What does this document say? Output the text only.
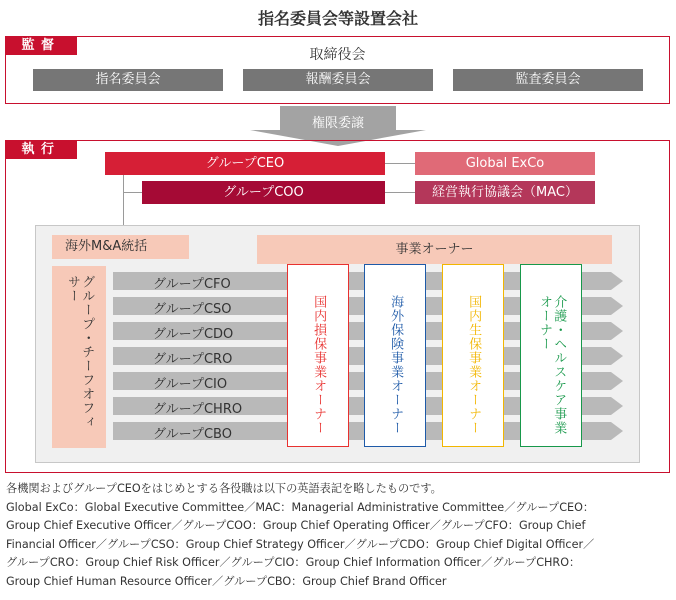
指名委員会等設置会社
監督
取締役会
指名委員会	報酬委員会	監査委員会
権限委譲
執行
グループCEO
グループCOO
Global ExCo
経営執行協議会（MAC）
海外M&A統括	事業オーナー
グループ・チーフオフィサー	グループCFO
グループCSO
グループCDO
グループCRO
グループCIO
グループCHRO
グループCBO	国内損保事業オーナー	海外保険事業オーナー	国内生保事業オーナー	介護・ヘルスケア事業オーナー
各機関およびグループCEOをはじめとする各役職は以下の英語表記を略したものです。
Global ExCo：Global Executive Committee／MAC：Managerial Administrative Committee／グループCEO：
Group Chief Executive Officer／グループCOO：Group Chief Operating Officer／グループCFO：Group Chief
Financial Officer／グループCSO：Group Chief Strategy Officer／グループCDO：Group Chief Digital Officer／
グループCRO：Group Chief Risk Officer／グループCIO：Group Chief Information Officer／グループCHRO：
Group Chief Human Resource Officer／グループCBO：Group Chief Brand Officer
